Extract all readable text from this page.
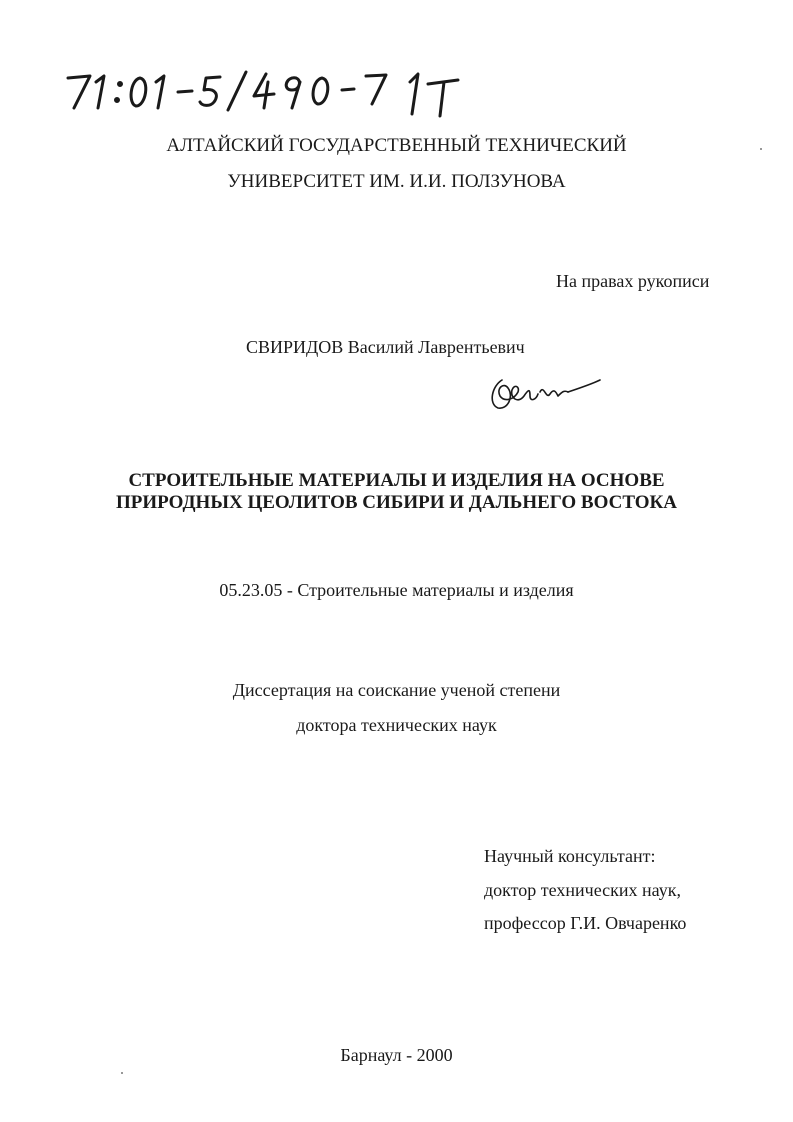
71:01-5/490-7 1T
АЛТАЙСКИЙ ГОСУДАРСТВЕННЫЙ ТЕХНИЧЕСКИЙ
УНИВЕРСИТЕТ ИМ. И.И. ПОЛЗУНОВА
На правах рукописи
СВИРИДОВ Василий Лаврентьевич
СТРОИТЕЛЬНЫЕ МАТЕРИАЛЫ И ИЗДЕЛИЯ НА ОСНОВЕ
ПРИРОДНЫХ ЦЕОЛИТОВ СИБИРИ И ДАЛЬНЕГО ВОСТОКА
05.23.05 - Строительные материалы и изделия
Диссертация на соискание ученой степени
доктора технических наук
Научный консультант:
доктор технических наук,
профессор Г.И. Овчаренко
Барнаул - 2000
